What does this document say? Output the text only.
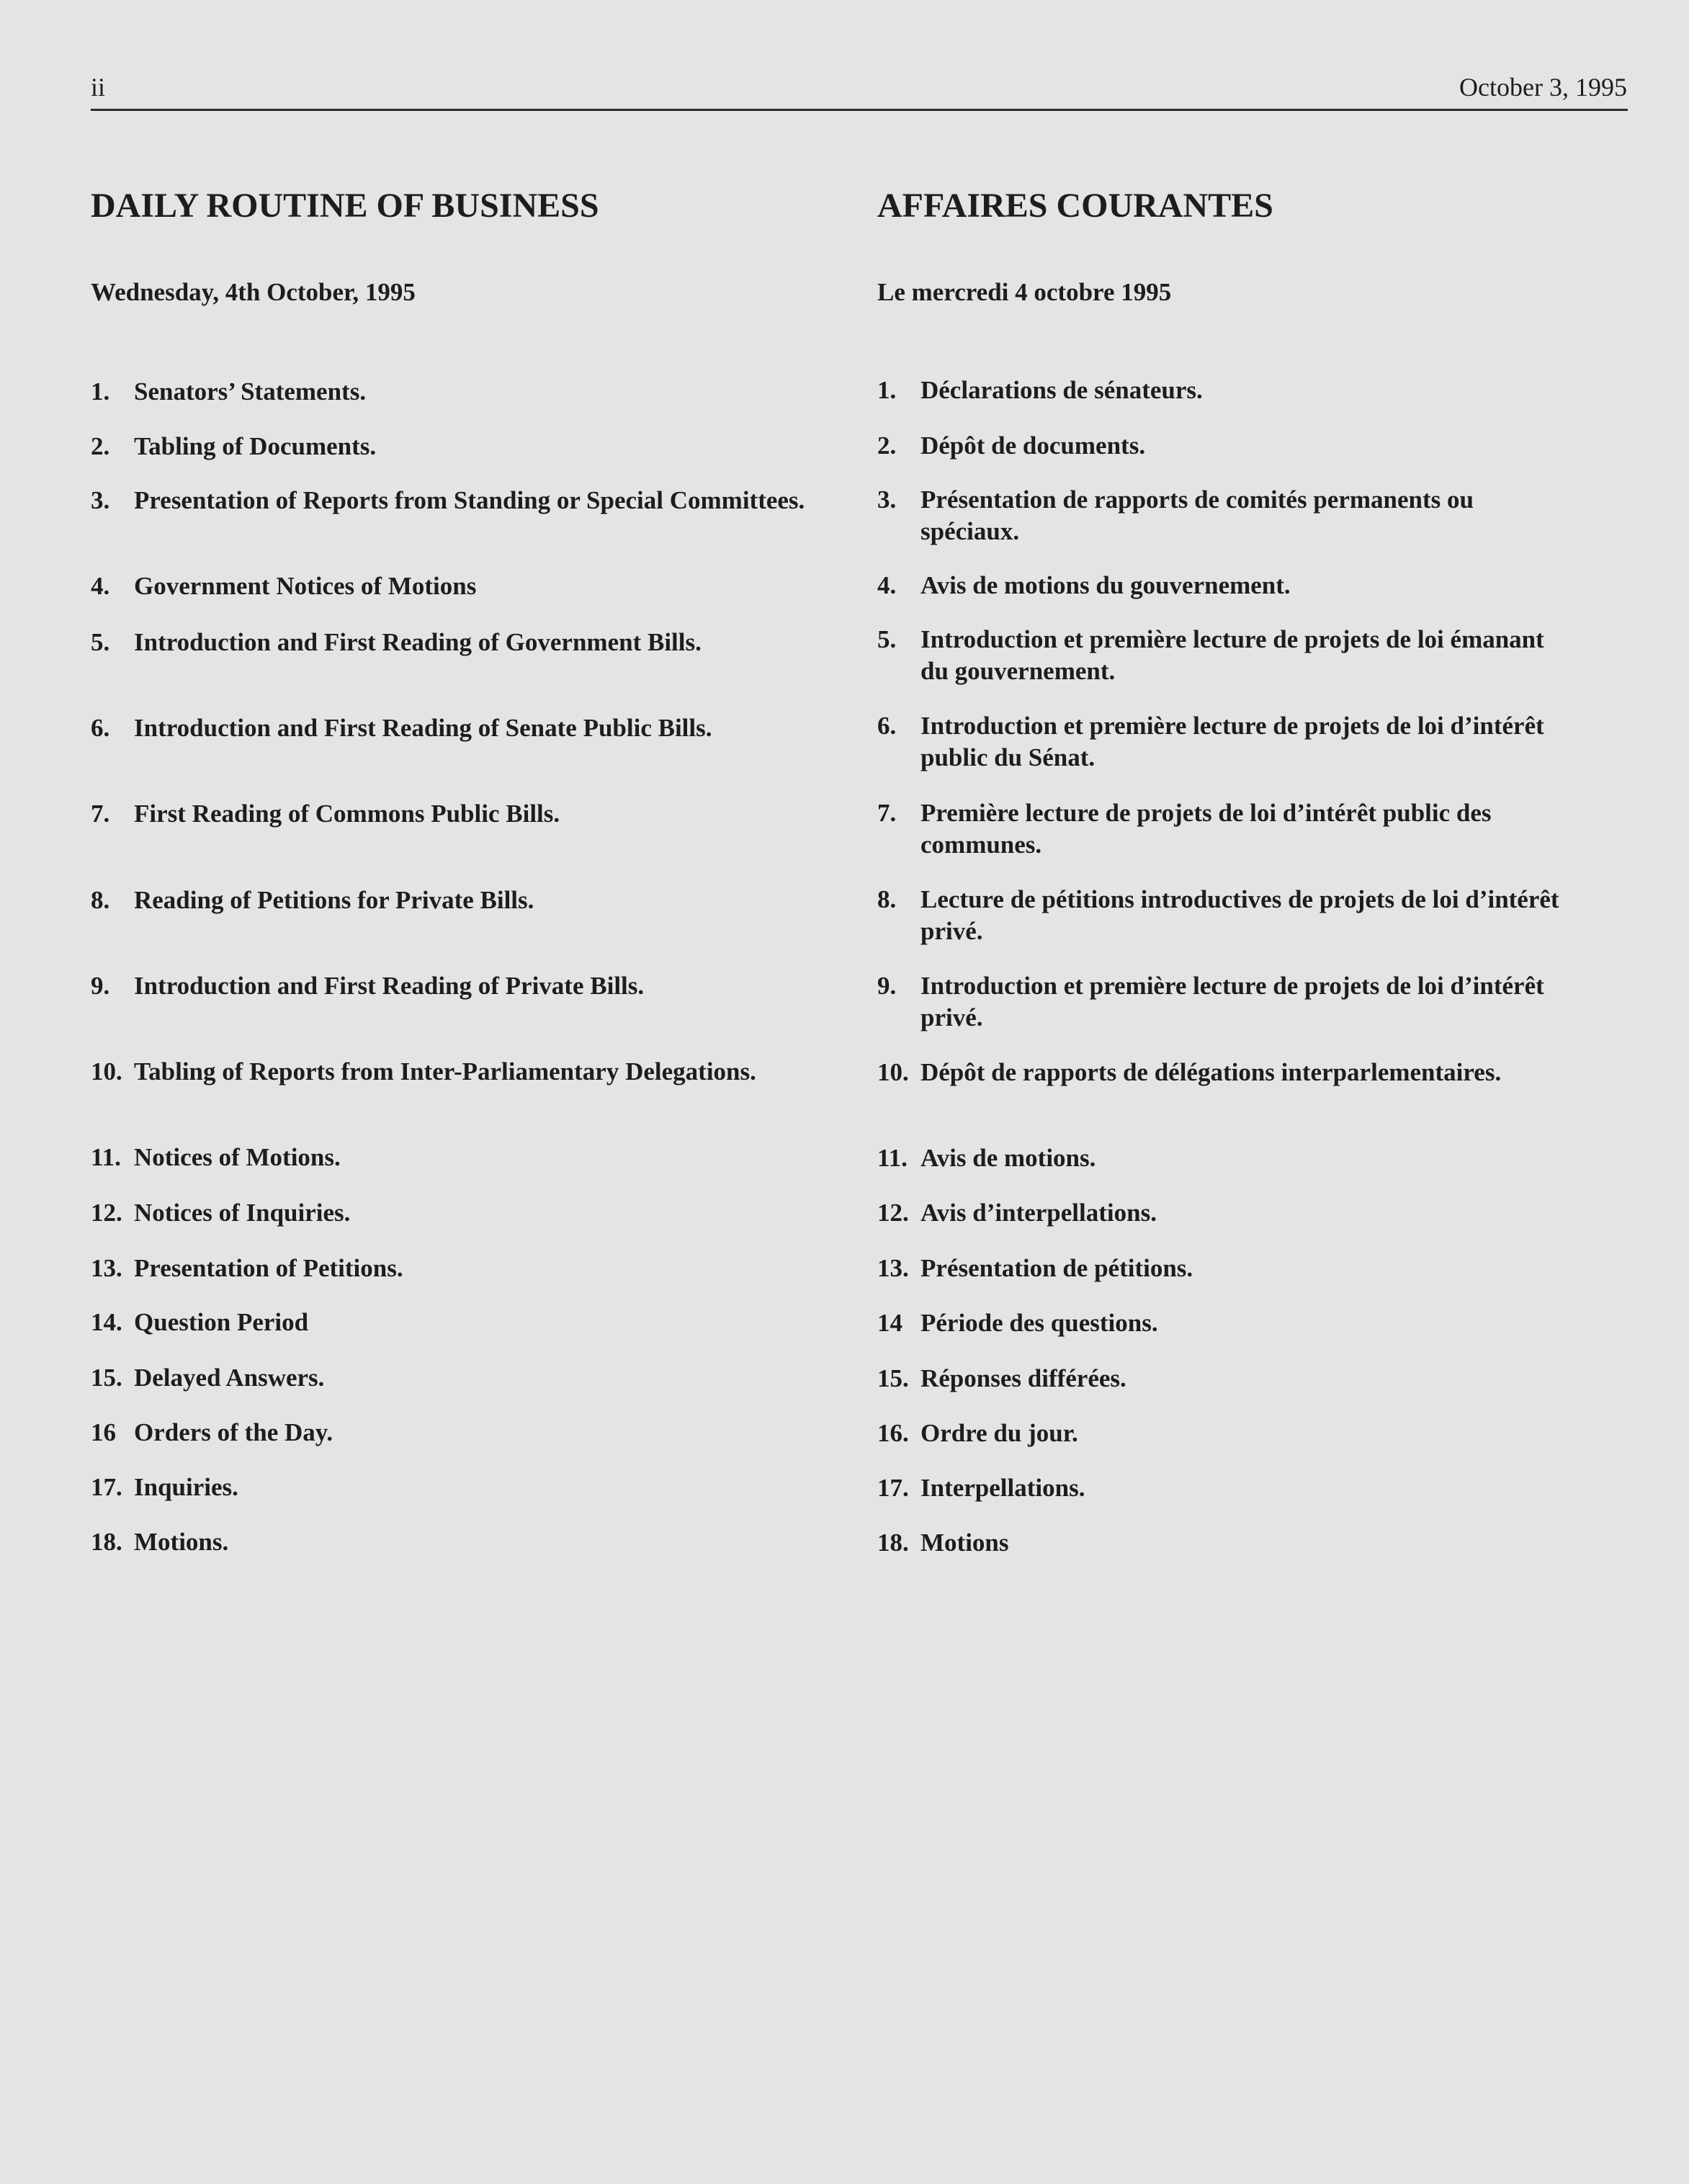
ii	October 3, 1995
DAILY ROUTINE OF BUSINESS
Wednesday, 4th October, 1995
1. Senators’ Statements.
2. Tabling of Documents.
3. Presentation of Reports from Standing or Special Committees.
4. Government Notices of Motions
5. Introduction and First Reading of Government Bills.
6. Introduction and First Reading of Senate Public Bills.
7. First Reading of Commons Public Bills.
8. Reading of Petitions for Private Bills.
9. Introduction and First Reading of Private Bills.
10. Tabling of Reports from Inter-Parliamentary Delegations.
11. Notices of Motions.
12. Notices of Inquiries.
13. Presentation of Petitions.
14. Question Period
15. Delayed Answers.
16 Orders of the Day.
17. Inquiries.
18. Motions.
AFFAIRES COURANTES
Le mercredi 4 octobre 1995
1. Déclarations de sénateurs.
2. Dépôt de documents.
3. Présentation de rapports de comités permanents ou spéciaux.
4. Avis de motions du gouvernement.
5. Introduction et première lecture de projets de loi émanant du gouvernement.
6. Introduction et première lecture de projets de loi d’intérêt public du Sénat.
7. Première lecture de projets de loi d’intérêt public des communes.
8. Lecture de pétitions introductives de projets de loi d’intérêt privé.
9. Introduction et première lecture de projets de loi d’intérêt privé.
10. Dépôt de rapports de délégations interparlementaires.
11. Avis de motions.
12. Avis d’interpellations.
13. Présentation de pétitions.
14 Période des questions.
15. Réponses différées.
16. Ordre du jour.
17. Interpellations.
18. Motions
